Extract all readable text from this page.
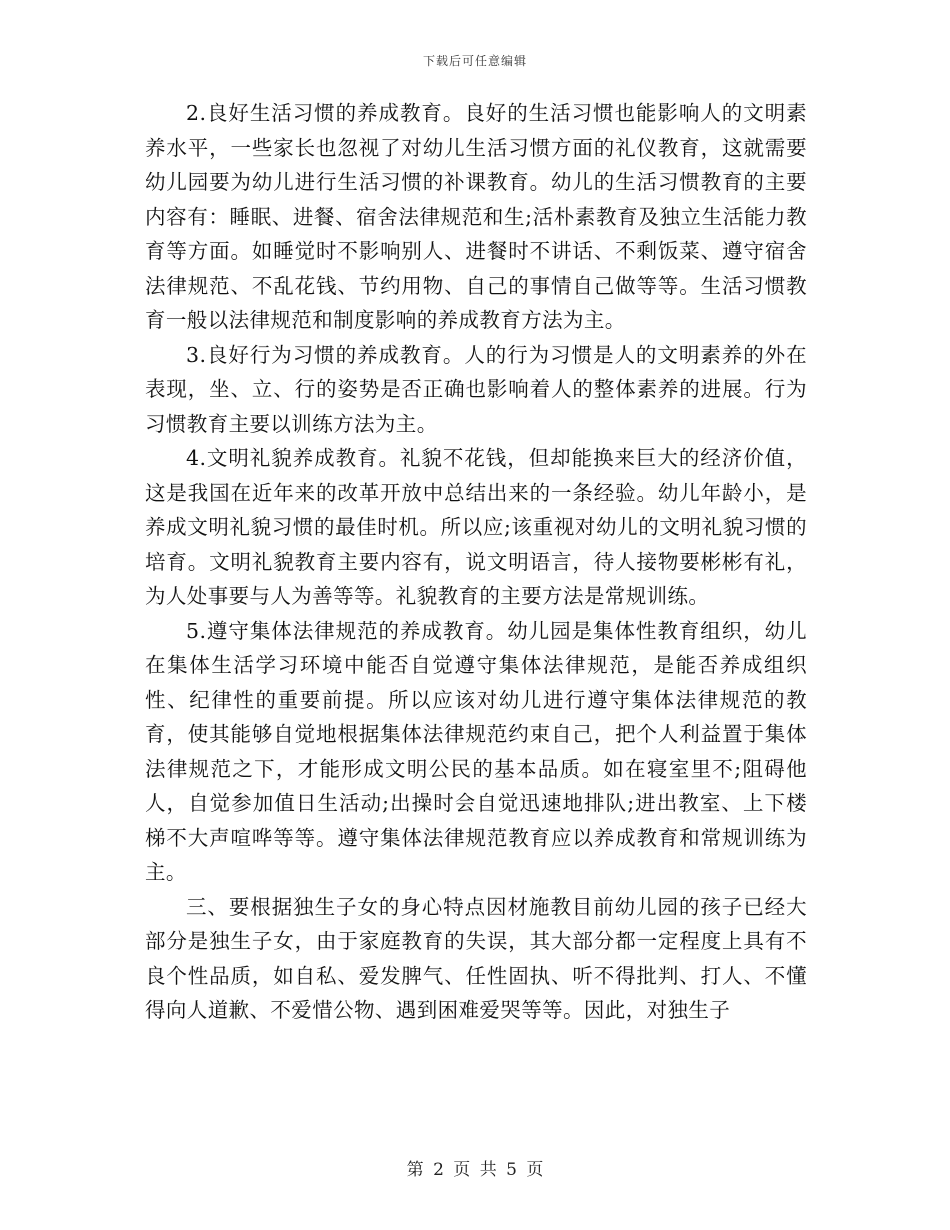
下载后可任意编辑

2.良好生活习惯的养成教育。良好的生活习惯也能影响人的文明素养水平，一些家长也忽视了对幼儿生活习惯方面的礼仪教育，这就需要幼儿园要为幼儿进行生活习惯的补课教育。幼儿的生活习惯教育的主要内容有：睡眠、进餐、宿舍法律规范和生;活朴素教育及独立生活能力教育等方面。如睡觉时不影响别人、进餐时不讲话、不剩饭菜、遵守宿舍法律规范、不乱花钱、节约用物、自己的事情自己做等等。生活习惯教育一般以法律规范和制度影响的养成教育方法为主。

3.良好行为习惯的养成教育。人的行为习惯是人的文明素养的外在表现，坐、立、行的姿势是否正确也影响着人的整体素养的进展。行为习惯教育主要以训练方法为主。

4.文明礼貌养成教育。礼貌不花钱，但却能换来巨大的经济价值，这是我国在近年来的改革开放中总结出来的一条经验。幼儿年龄小，是养成文明礼貌习惯的最佳时机。所以应;该重视对幼儿的文明礼貌习惯的培育。文明礼貌教育主要内容有，说文明语言，待人接物要彬彬有礼，为人处事要与人为善等等。礼貌教育的主要方法是常规训练。

5.遵守集体法律规范的养成教育。幼儿园是集体性教育组织，幼儿在集体生活学习环境中能否自觉遵守集体法律规范，是能否养成组织性、纪律性的重要前提。所以应该对幼儿进行遵守集体法律规范的教育，使其能够自觉地根据集体法律规范约束自己，把个人利益置于集体法律规范之下，才能形成文明公民的基本品质。如在寝室里不;阻碍他人，自觉参加值日生活动;出操时会自觉迅速地排队;进出教室、上下楼梯不大声喧哗等等。遵守集体法律规范教育应以养成教育和常规训练为主。

三、要根据独生子女的身心特点因材施教目前幼儿园的孩子已经大部分是独生子女，由于家庭教育的失误，其大部分都一定程度上具有不良个性品质，如自私、爱发脾气、任性固执、听不得批判、打人、不懂得向人道歉、不爱惜公物、遇到困难爱哭等等。因此，对独生子

第 2 页 共 5 页
